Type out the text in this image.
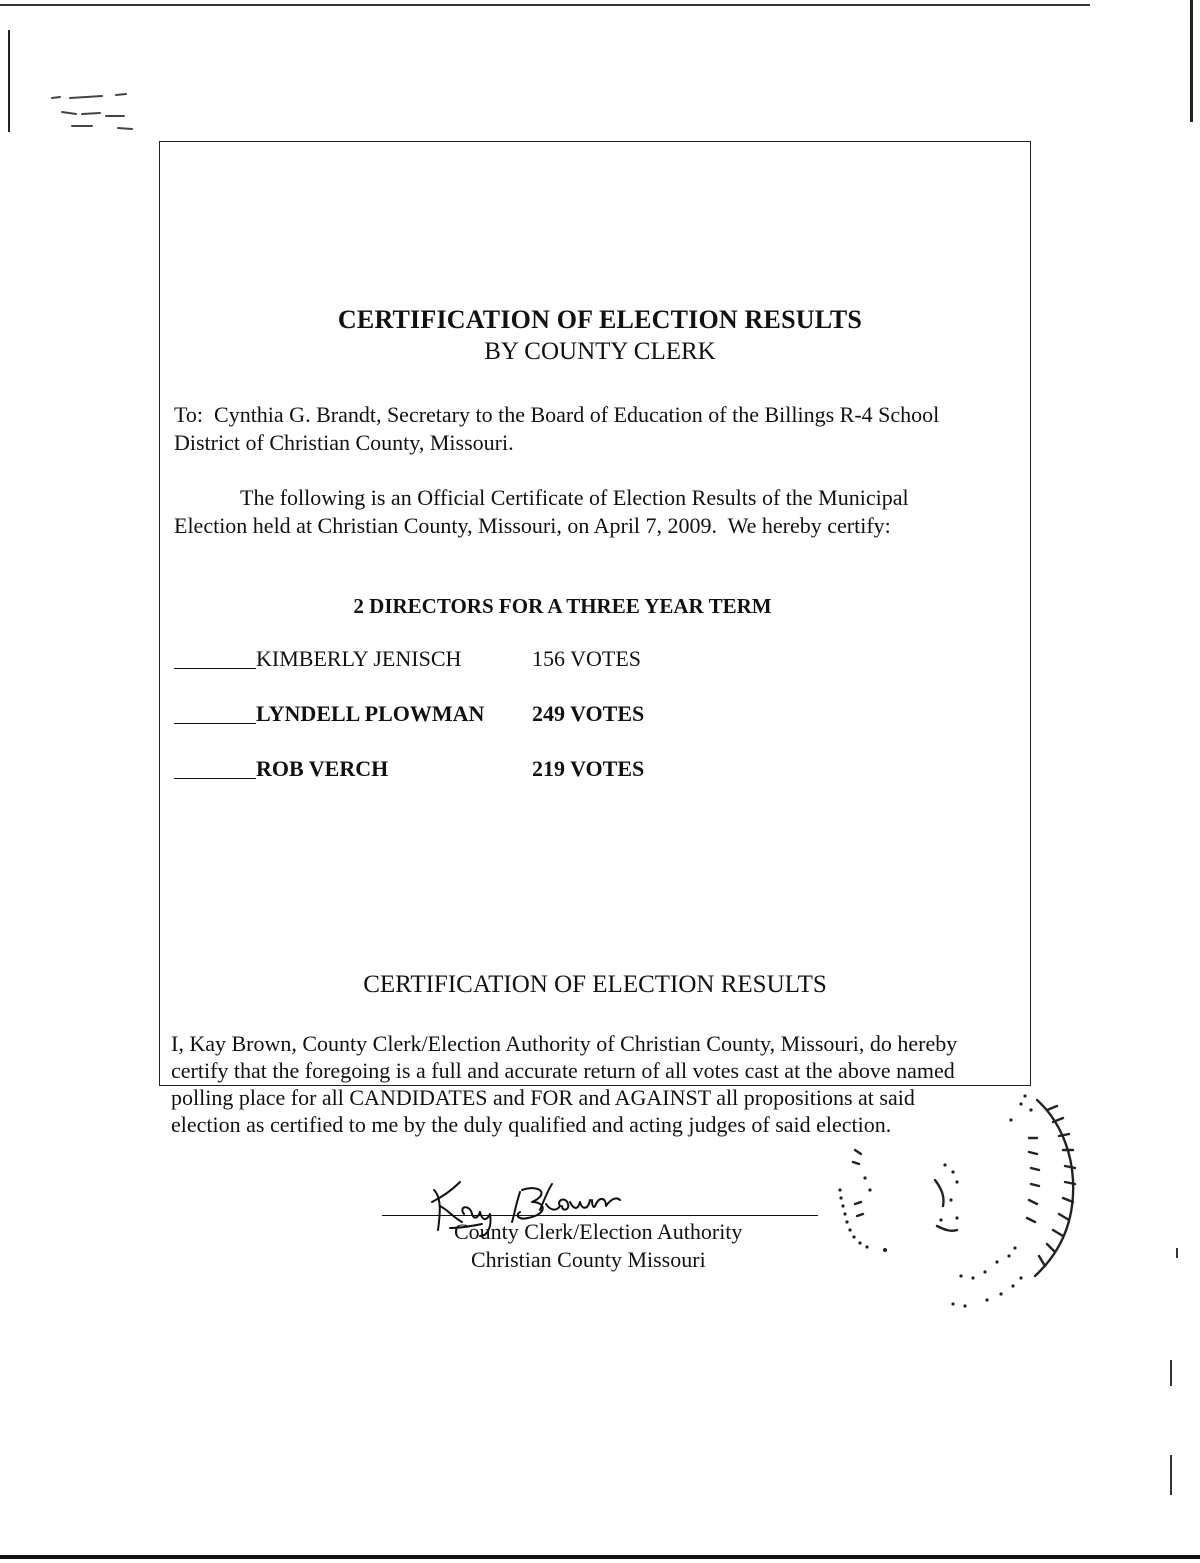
CERTIFICATION OF ELECTION RESULTS
BY COUNTY CLERK
To:  Cynthia G. Brandt, Secretary to the Board of Education of the Billings R-4 School
District of Christian County, Missouri.
The following is an Official Certificate of Election Results of the Municipal
Election held at Christian County, Missouri, on April 7, 2009.  We hereby certify:
2 DIRECTORS FOR A THREE YEAR TERM
KIMBERLY JENISCH	156 VOTES
LYNDELL PLOWMAN 249 VOTES
ROB VERCH	219 VOTES
CERTIFICATION OF ELECTION RESULTS
I, Kay Brown, County Clerk/Election Authority of Christian County, Missouri, do hereby
certify that the foregoing is a full and accurate return of all votes cast at the above named
polling place for all CANDIDATES and FOR and AGAINST all propositions at said
election as certified to me by the duly qualified and acting judges of said election.
County Clerk/Election Authority
Christian County Missouri
